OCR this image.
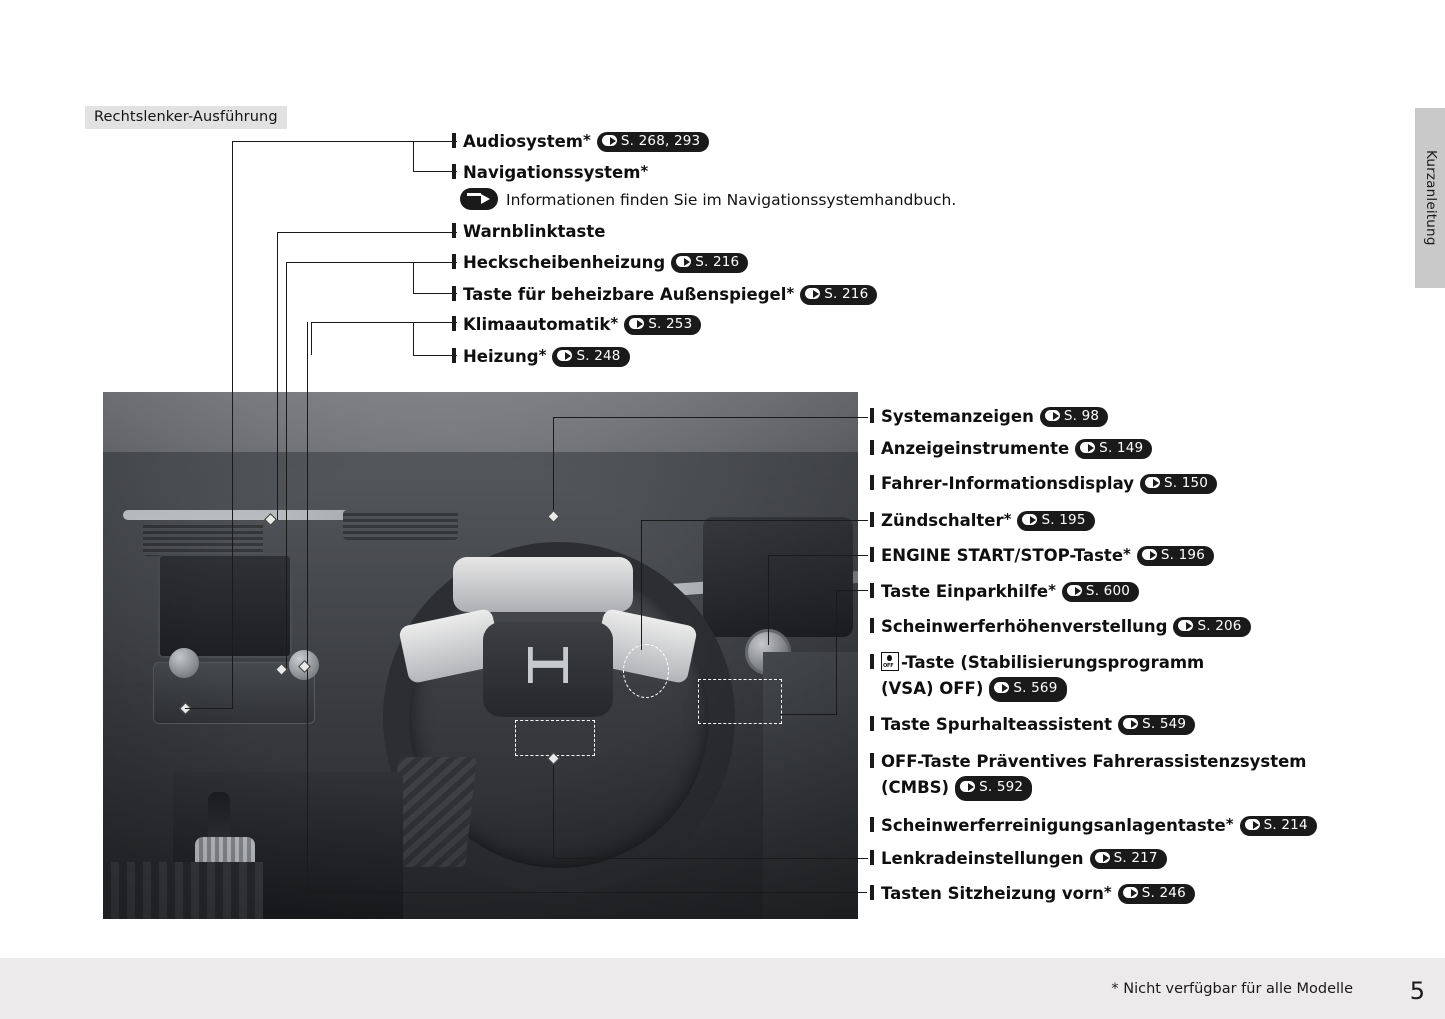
Kurzanleitung
Rechtslenker-Ausführung
Audiosystem* S. 268, 293
Navigationssystem*
Informationen finden Sie im Navigationssystemhandbuch.
Warnblinktaste
Heckscheibenheizung S. 216
Taste für beheizbare Außenspiegel* S. 216
Klimaautomatik* S. 253
Heizung* S. 248
Systemanzeigen S. 98
Anzeigeinstrumente S. 149
Fahrer-Informationsdisplay S. 150
Zündschalter* S. 195
ENGINE START/STOP-Taste* S. 196
Taste Einparkhilfe* S. 600
Scheinwerferhöhenverstellung S. 206
OFF-Taste (Stabilisierungsprogramm
(VSA) OFF) S. 569
Taste Spurhalteassistent S. 549
OFF-Taste Präventives Fahrerassistenzsystem
(CMBS) S. 592
Scheinwerferreinigungsanlagentaste* S. 214
Lenkradeinstellungen S. 217
Tasten Sitzheizung vorn* S. 246
* Nicht verfügbar für alle Modelle 5
